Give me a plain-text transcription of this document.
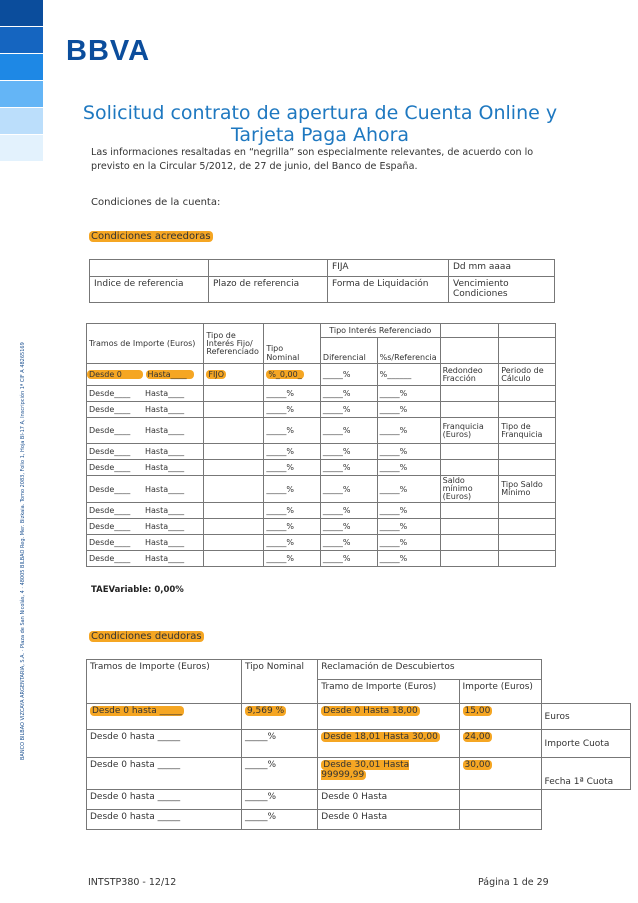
BBVA
BANCO BILBAO VIZCAYA ARGENTARIA, S.A. · Plaza de San Nicolás, 4 · 48005 BILBAO Reg. Mer. Bizkaia. Tomo 2083, Folio 1, Hoja BI-17 A, Inscripción 1ª CIF A 48265169
Solicitud contrato de apertura de Cuenta Online y Tarjeta Paga Ahora
Las informaciones resaltadas en “negrilla” son especialmente relevantes, de acuerdo con lo previsto en la Circular 5/2012, de 27 de junio, del Banco de España.
Condiciones de la cuenta:
Condiciones acreedoras
		FIJA	Dd mm aaaa
Indice de referencia	Plazo de referencia	Forma de Liquidación	Vencimiento Condiciones
Tramos de Importe (Euros)	Tipo de Interés Fijo/ Referenciado	Tipo Nominal	Tipo Interés Referenciado			
			Diferencial	%s/Referencia		
Desde 0 Hasta____	FIJO	%_0,00_	_____%	%______	Redondeo Fracción	Periodo de Cálculo
Desde____ Hasta____		_____%	_____%	_____%		
Desde____ Hasta____		_____%	_____%	_____%		
Desde____ Hasta____		_____%	_____%	_____%	Franquicia (Euros)	Tipo de Franquicia
Desde____ Hasta____		_____%	_____%	_____%		
Desde____ Hasta____		_____%	_____%	_____%		
Desde____ Hasta____		_____%	_____%	_____%	Saldo mínimo (Euros)	Tipo Saldo Mínimo
Desde____ Hasta____		_____%	_____%	_____%		
Desde____ Hasta____		_____%	_____%	_____%		
Desde____ Hasta____		_____%	_____%	_____%		
Desde____ Hasta____		_____%	_____%	_____%		
TAEVariable: 0,00%
Condiciones deudoras
Tramos de Importe (Euros)	Tipo Nominal	Reclamación de Descubiertos		
		Tramo de Importe (Euros)	Importe (Euros)	
Desde 0 hasta _____	9,569 %	Desde 0 Hasta 18,00	15,00	Euros
Desde 0 hasta _____	_____%	Desde 18,01 Hasta 30,00	24,00	Importe Cuota
Desde 0 hasta _____	_____%	Desde 30,01 Hasta 99999,99	30,00	Fecha 1ª Cuota
Desde 0 hasta _____	_____%	Desde 0 Hasta		
Desde 0 hasta _____	_____%	Desde 0 Hasta		
INTSTP380 - 12/12	Página 1 de 29
